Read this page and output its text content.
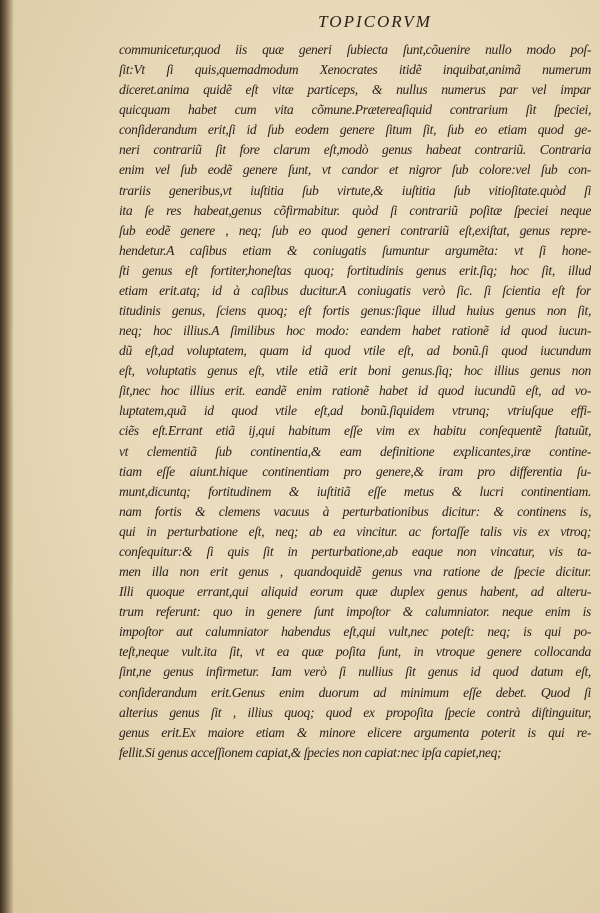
TOPICORVM
communicetur,quod iis quæ generi ſubiecta ſunt,cõuenire nullo modo poſ-
ſit:Vt ſi quis,quemadmodum Xenocrates itidẽ inquibat,animã numerum
diceret.anima quidẽ eſt vitæ particeps, & nullus numerus par vel impar
quicquam habet cum vita cõmune.Prætereaſiquid contrarium ſit ſpeciei,
conſiderandum erit,ſi id ſub eodem genere ſitum ſit, ſub eo etiam quod ge-
neri contrariũ ſit fore clarum eſt,modò genus habeat contrariũ. Contraria
enim vel ſub eodẽ genere ſunt, vt candor et nigror ſub colore:vel ſub con-
trariis generibus,vt iuſtitia ſub virtute,& iuſtitia ſub vitioſitate.quòd ſi
ita ſe res habeat,genus cõfirmabitur. quòd ſi contrariũ poſitæ ſpeciei neque
ſub eodẽ genere , neq; ſub eo quod generi contrariũ eſt,exiſtat, genus repre-
hendetur.A caſibus etiam & coniugatis ſumuntur argumẽta: vt ſi hone-
ſti genus eſt fortiter,honeſtas quoq; fortitudinis genus erit.ſiq; hoc ſit, illud
etiam erit.atq; id à caſibus ducitur.A coniugatis verò ſic. ſi ſcientia eſt for
titudinis genus, ſciens quoq; eſt fortis genus:ſique illud huius genus non ſit,
neq; hoc illius.A ſimilibus hoc modo: eandem habet rationẽ id quod iucun-
dũ eſt,ad voluptatem, quam id quod vtile eſt, ad bonũ.ſi quod iucundum
eſt, voluptatis genus eſt, vtile etiã erit boni genus.ſiq; hoc illius genus non
ſit,nec hoc illius erit. eandẽ enim rationẽ habet id quod iucundũ eſt, ad vo-
luptatem,quã id quod vtile eſt,ad bonũ.ſiquidem vtrunq; vtriuſque effi-
ciẽs eſt.Errant etiã ij,qui habitum eſſe vim ex habitu conſequentẽ ſtatuũt,
vt clementiã ſub continentia,& eam definitione explicantes,iræ contine-
tiam eſſe aiunt.hique continentiam pro genere,& iram pro differentia ſu-
munt,dicuntq; fortitudinem & iuſtitiã eſſe metus & lucri continentiam.
nam fortis & clemens vacuus à perturbationibus dicitur: & continens is,
qui in perturbatione eſt, neq; ab ea vincitur. ac fortaſſe talis vis ex vtroq;
conſequitur:& ſi quis ſit in perturbatione,ab eaque non vincatur, vis ta-
men illa non erit genus , quandoquidẽ genus vna ratione de ſpecie dicitur.
Illi quoque errant,qui aliquid eorum quæ duplex genus habent, ad alteru-
trum referunt: quo in genere ſunt impoſtor & calumniator. neque enim is
impoſtor aut calumniator habendus eſt,qui vult,nec poteſt: neq; is qui po-
teſt,neque vult.ita ſit, vt ea quæ poſita ſunt, in vtroque genere collocanda
ſint,ne genus infirmetur. Iam verò ſi nullius ſit genus id quod datum eſt,
conſiderandum erit.Genus enim duorum ad minimum eſſe debet. Quod ſi
alterius genus ſit , illius quoq; quod ex propoſita ſpecie contrà diſtinguitur,
genus erit.Ex maiore etiam & minore elicere argumenta poterit is qui re-
fellit.Si genus acceſſionem capiat,& ſpecies non capiat:nec ipſa capiet,neq;
